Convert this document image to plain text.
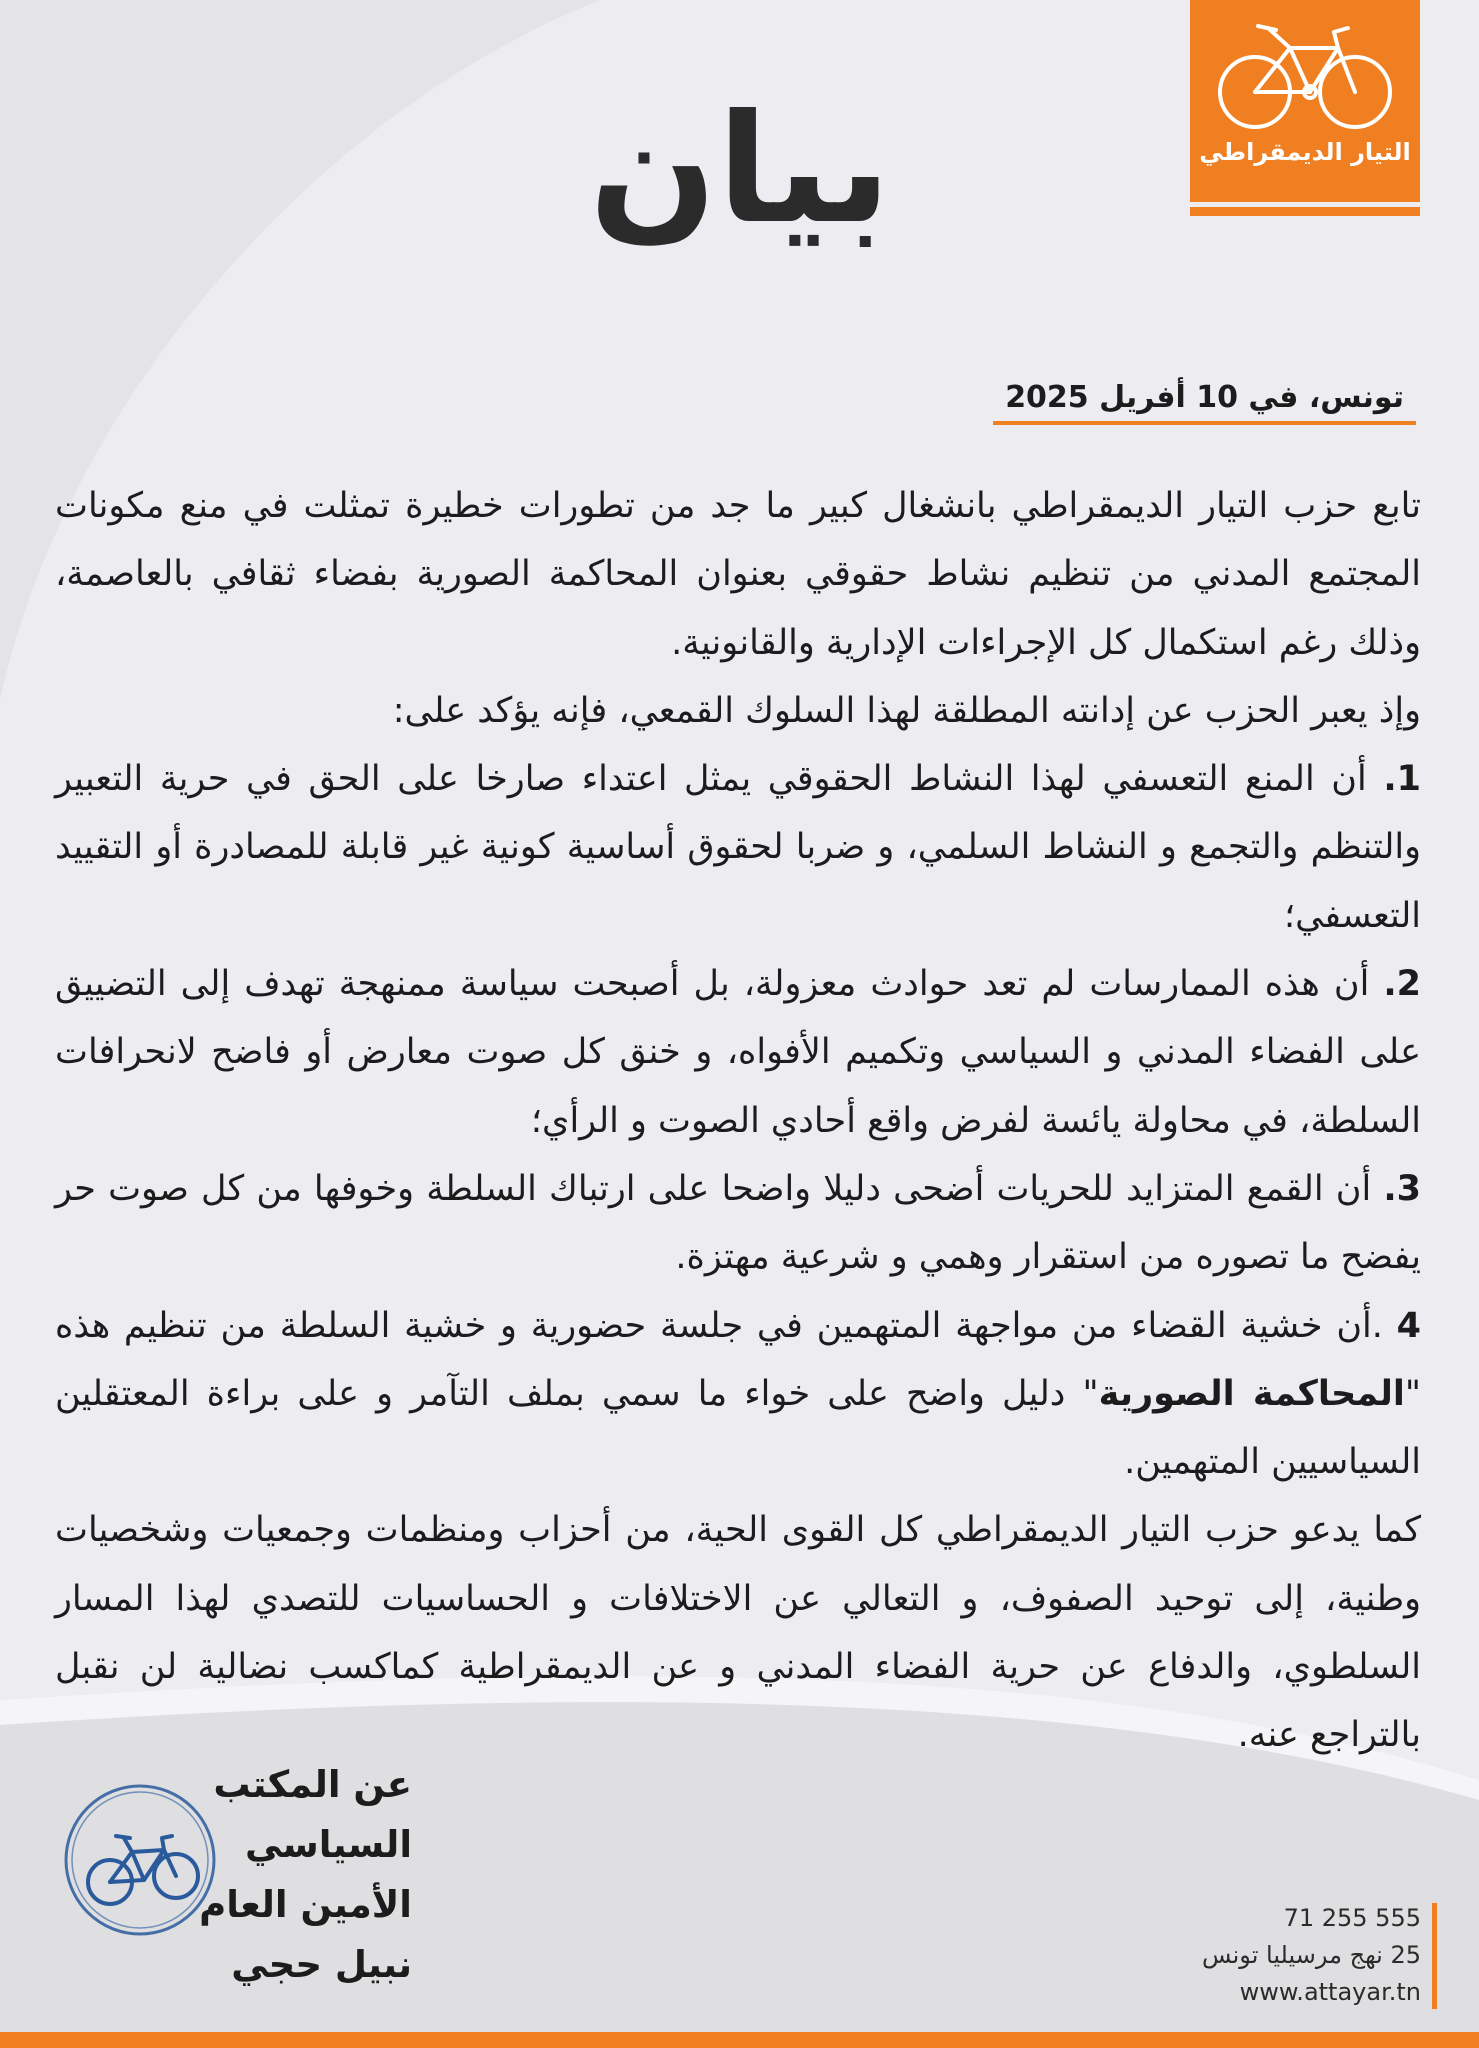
التيار الديمقراطي
بيان
تونس، في 10 أفريل 2025

تابع حزب التيار الديمقراطي بانشغال كبير ما جد من تطورات خطيرة تمثلت في منع مكونات المجتمع المدني من تنظيم نشاط حقوقي بعنوان المحاكمة الصورية بفضاء ثقافي بالعاصمة، وذلك رغم استكمال كل الإجراءات الإدارية والقانونية.

وإذ يعبر الحزب عن إدانته المطلقة لهذا السلوك القمعي، فإنه يؤكد على:

1. أن المنع التعسفي لهذا النشاط الحقوقي يمثل اعتداء صارخا على الحق في حرية التعبير والتنظم والتجمع و النشاط السلمي، و ضربا لحقوق أساسية كونية غير قابلة للمصادرة أو التقييد التعسفي؛

2. أن هذه الممارسات لم تعد حوادث معزولة، بل أصبحت سياسة ممنهجة تهدف إلى التضييق على الفضاء المدني و السياسي وتكميم الأفواه، و خنق كل صوت معارض أو فاضح لانحرافات السلطة، في محاولة يائسة لفرض واقع أحادي الصوت و الرأي؛

3. أن القمع المتزايد للحريات أضحى دليلا واضحا على ارتباك السلطة وخوفها من كل صوت حر يفضح ما تصوره من استقرار وهمي و شرعية مهتزة.

4 .أن خشية القضاء من مواجهة المتهمين في جلسة حضورية و خشية السلطة من تنظيم هذه "المحاكمة الصورية" دليل واضح على خواء ما سمي بملف التآمر و على براءة المعتقلين السياسيين المتهمين.

كما يدعو حزب التيار الديمقراطي كل القوى الحية، من أحزاب ومنظمات وجمعيات وشخصيات وطنية، إلى توحيد الصفوف، و التعالي عن الاختلافات و الحساسيات للتصدي لهذا المسار السلطوي، والدفاع عن حرية الفضاء المدني و عن الديمقراطية كماكسب نضالية لن نقبل بالتراجع عنه.

عن المكتب السياسي
الأمين العام
نبيل حجي
71 255 555
25 نهج مرسيليا تونس
www.attayar.tn
